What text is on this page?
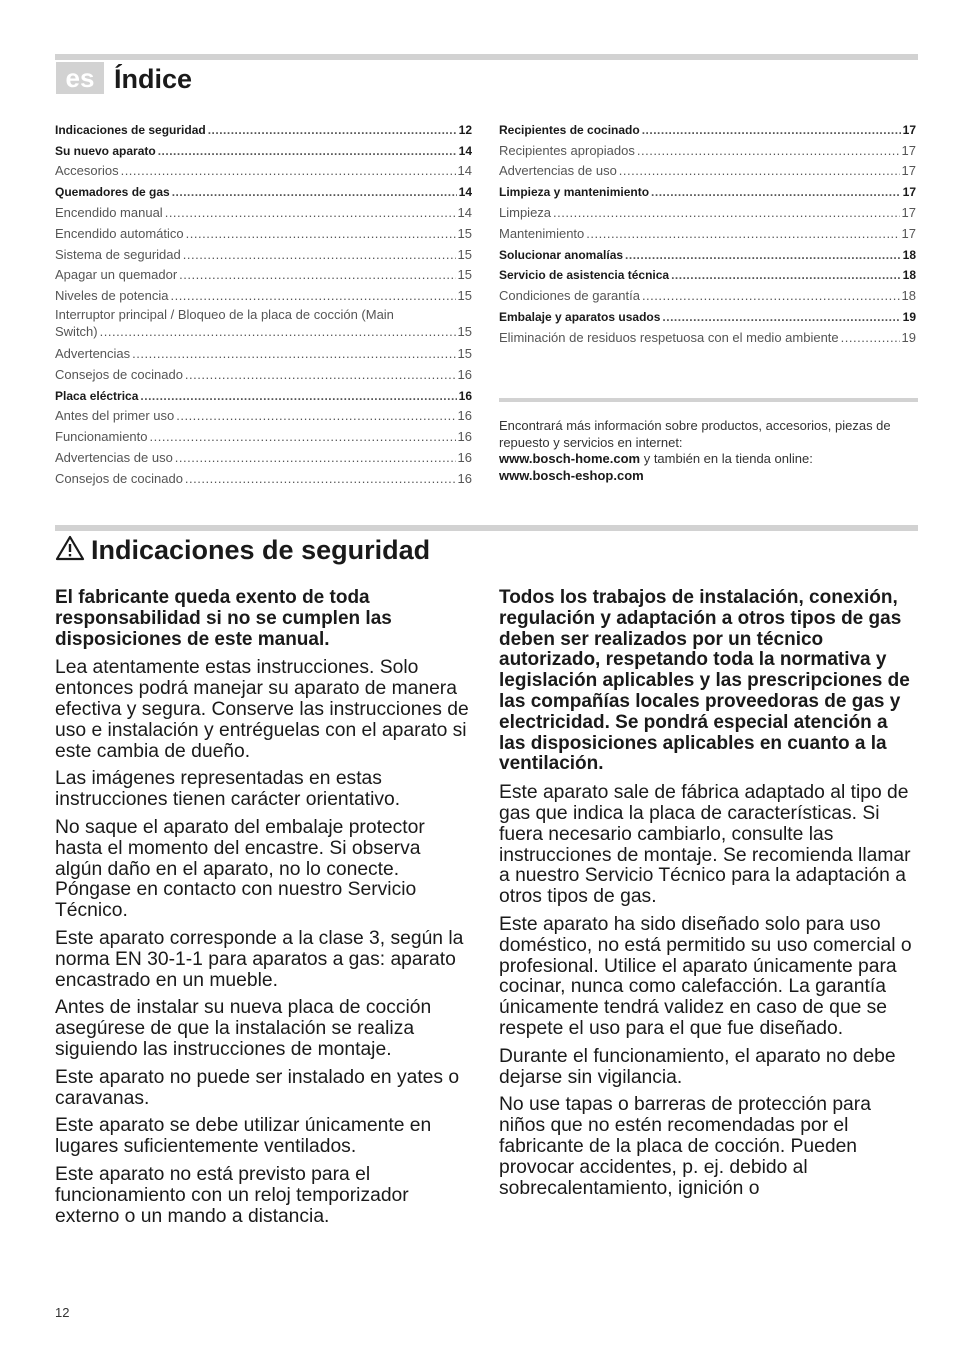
es Índice
Indicaciones de seguridad .....	12
Su nuevo aparato .....	14
Accesorios .....	14
Quemadores de gas .....	14
Encendido manual .....	14
Encendido automático .....	15
Sistema de seguridad .....	15
Apagar un quemador .....	15
Niveles de potencia .....	15
Interruptor principal / Bloqueo de la placa de cocción (Main
Switch) .....	15
Advertencias .....	15
Consejos de cocinado .....	16
Placa eléctrica .....	16
Antes del primer uso .....	16
Funcionamiento .....	16
Advertencias de uso .....	16
Consejos de cocinado .....	16
Recipientes de cocinado .....	17
Recipientes apropiados .....	17
Advertencias de uso .....	17
Limpieza y mantenimiento .....	17
Limpieza .....	17
Mantenimiento .....	17
Solucionar anomalías .....	18
Servicio de asistencia técnica .....	18
Condiciones de garantía .....	18
Embalaje y aparatos usados .....	19
Eliminación de residuos respetuosa con el medio ambiente .....	19
Encontrará más información sobre productos, accesorios, piezas de repuesto y servicios en internet:
www.bosch-home.com y también en la tienda online:
www.bosch-eshop.com
Indicaciones de seguridad

El fabricante queda exento de toda responsabilidad si no se cumplen las disposiciones de este manual.

Lea atentamente estas instrucciones. Solo entonces podrá manejar su aparato de manera efectiva y segura. Conserve las instrucciones de uso e instalación y entréguelas con el aparato si este cambia de dueño.

Las imágenes representadas en estas instrucciones tienen carácter orientativo.

No saque el aparato del embalaje protector hasta el momento del encastre. Si observa algún daño en el aparato, no lo conecte. Póngase en contacto con nuestro Servicio Técnico.

Este aparato corresponde a la clase 3, según la norma EN 30-1-1 para aparatos a gas: aparato encastrado en un mueble.

Antes de instalar su nueva placa de cocción asegúrese de que la instalación se realiza siguiendo las instrucciones de montaje.

Este aparato no puede ser instalado en yates o caravanas.

Este aparato se debe utilizar únicamente en lugares suficientemente ventilados.

Este aparato no está previsto para el funcionamiento con un reloj temporizador externo o un mando a distancia.

Todos los trabajos de instalación, conexión, regulación y adaptación a otros tipos de gas deben ser realizados por un técnico autorizado, respetando toda la normativa y legislación aplicables y las prescripciones de las compañías locales proveedoras de gas y electricidad. Se pondrá especial atención a las disposiciones aplicables en cuanto a la ventilación.

Este aparato sale de fábrica adaptado al tipo de gas que indica la placa de características. Si fuera necesario cambiarlo, consulte las instrucciones de montaje. Se recomienda llamar a nuestro Servicio Técnico para la adaptación a otros tipos de gas.

Este aparato ha sido diseñado solo para uso doméstico, no está permitido su uso comercial o profesional. Utilice el aparato únicamente para cocinar, nunca como calefacción. La garantía únicamente tendrá validez en caso de que se respete el uso para el que fue diseñado.

Durante el funcionamiento, el aparato no debe dejarse sin vigilancia.

No use tapas o barreras de protección para niños que no estén recomendadas por el fabricante de la placa de cocción. Pueden provocar accidentes, p. ej. debido al sobrecalentamiento, ignición o

12
